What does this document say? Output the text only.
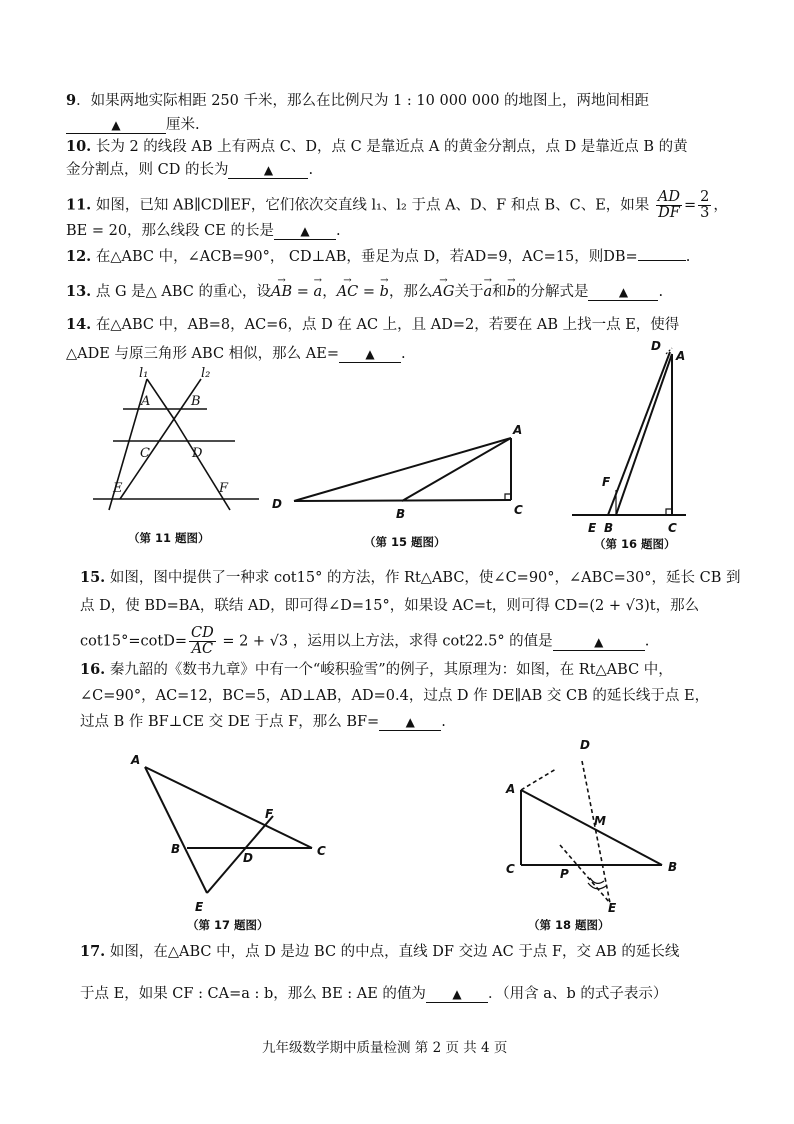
9．如果两地实际相距 250 千米，那么在比例尺为 1 : 10 000 000 的地图上，两地间相距
▲	厘米.
10. 长为 2 的线段 AB 上有两点 C、D，点 C 是靠近点 A 的黄金分割点，点 D 是靠近点 B 的黄
金分割点，则 CD 的长为	▲ .
11. 如图，已知 AB∥CD∥EF，它们依次交直线 l₁、l₂ 于点 A、D、F 和点 B、C、E，如果 $\frac{AD}{DF} = \frac{2}{3}$ ，
BE = 20，那么线段 CE 的长是 ▲ .
12. 在△ABC 中，∠ACB=90°， CD⊥AB，垂足为点 D，若AD=9，AC=15，则DB=	.
13. 点 G 是△ ABC 的重心，设→ AB = → a，→ AC = → b，那么→ AG关于→ a和→ b的分解式是	▲ .
14. 在△ABC 中，AB=8，AC=6，点 D 在 AC 上，且 AD=2，若要在 AB 上找一点 E，使得
△ADE 与原三角形 ABC 相似，那么 AE= ▲ .
l₁	l₂
A	B
C	D
E	F
（第 11 题图）
A
B	C
D
（第 15 题图）
D
A
F
E B	C
（第 16 题图）
15. 如图，图中提供了一种求 cot15° 的方法，作 Rt△ABC，使∠C=90°，∠ABC=30°，延长 CB 到
点 D，使 BD=BA，联结 AD，即可得∠D=15°，如果设 AC=t，则可得 CD=(2 + √3)t，那么
$\cot 15^\circ=\cot D= \frac{CD}{AC} = 2 + √3$ ，运用以上方法，求得 cot22.5° 的值是	▲	.
16. 秦九韶的《数书九章》中有一个“峻积验雪”的例子，其原理为：如图，在 Rt△ABC 中，
∠C=90°，AC=12，BC=5，AD⊥AB，AD=0.4，过点 D 作 DE∥AB 交 CB 的延长线于点 E，
过点 B 作 BF⊥CE 交 DE 于点 F，那么 BF= ▲ .
A
B	C
D
E
F
（第 17 题图）
D
A
M
C	P	B
E
（第 18 题图）
17. 如图，在△ABC 中，点 D 是边 BC 的中点，直线 DF 交边 AC 于点 F，交 AB 的延长线
于点 E，如果 CF : CA=a : b，那么 BE : AE 的值为 ▲ ．（用含 a、b 的式子表示）
九年级数学期中质量检测 第 2 页 共 4 页
